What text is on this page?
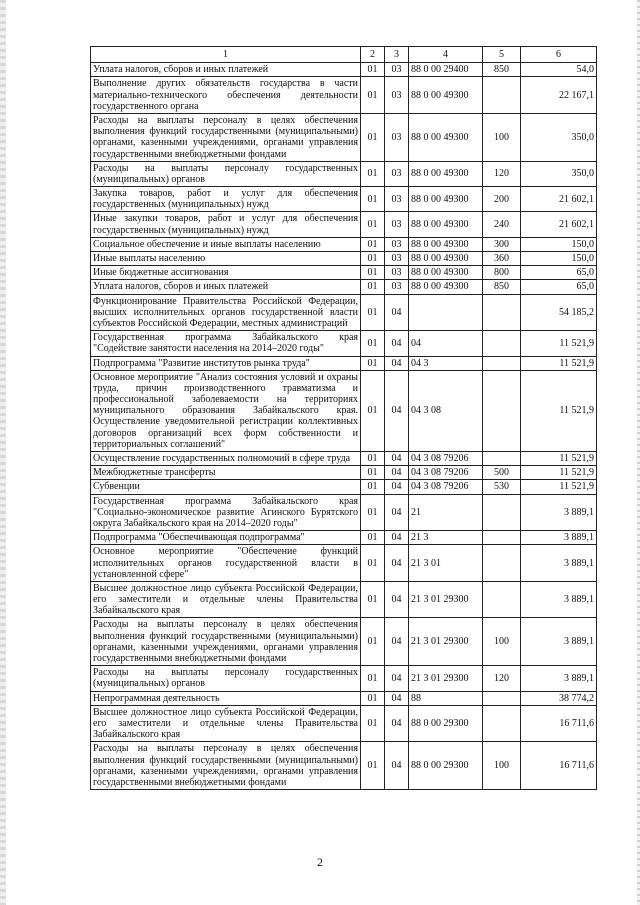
1	2	3	4	5	6
Уплата налогов, сборов и иных платежей	01	03	88 0 00 29400	850	54,0
Выполнение других обязательств государства в части материально-технического обеспечения деятельности государственного органа	01	03	88 0 00 49300		22 167,1
Расходы на выплаты персоналу в целях обеспечения выполнения функций государственными (муниципальными) органами, казенными учреждениями, органами управления государственными внебюджетными фондами	01	03	88 0 00 49300	100	350,0
Расходы на выплаты персоналу государственных (муниципальных) органов	01	03	88 0 00 49300	120	350,0
Закупка товаров, работ и услуг для обеспечения государственных (муниципальных) нужд	01	03	88 0 00 49300	200	21 602,1
Иные закупки товаров, работ и услуг для обеспечения государственных (муниципальных) нужд	01	03	88 0 00 49300	240	21 602,1
Социальное обеспечение и иные выплаты населению	01	03	88 0 00 49300	300	150,0
Иные выплаты населению	01	03	88 0 00 49300	360	150,0
Иные бюджетные ассигнования	01	03	88 0 00 49300	800	65,0
Уплата налогов, сборов и иных платежей	01	03	88 0 00 49300	850	65,0
Функционирование Правительства Российской Федерации, высших исполнительных органов государственной власти субъектов Российской Федерации, местных администраций	01	04			54 185,2
Государственная программа Забайкальского края "Содействие занятости населения на 2014–2020 годы"	01	04	04		11 521,9
Подпрограмма "Развитие институтов рынка труда"	01	04	04 3		11 521,9
Основное мероприятие "Анализ состояния условий и охраны труда, причин производственного травматизма и профессиональной заболеваемости на территориях муниципального образования Забайкальского края. Осуществление уведомительной регистрации коллективных договоров организаций всех форм собственности и территориальных соглашений"	01	04	04 3 08		11 521,9
Осуществление государственных полномочий в сфере труда	01	04	04 3 08 79206		11 521,9
Межбюджетные трансферты	01	04	04 3 08 79206	500	11 521,9
Субвенции	01	04	04 3 08 79206	530	11 521,9
Государственная программа Забайкальского края "Социально-экономическое развитие Агинского Бурятского округа Забайкальского края на 2014–2020 годы"	01	04	21		3 889,1
Подпрограмма "Обеспечивающая подпрограмма"	01	04	21 3		3 889,1
Основное мероприятие "Обеспечение функций исполнительных органов государственной власти в установленной сфере"	01	04	21 3 01		3 889,1
Высшее должностное лицо субъекта Российской Федерации, его заместители и отдельные члены Правительства Забайкальского края	01	04	21 3 01 29300		3 889,1
Расходы на выплаты персоналу в целях обеспечения выполнения функций государственными (муниципальными) органами, казенными учреждениями, органами управления государственными внебюджетными фондами	01	04	21 3 01 29300	100	3 889,1
Расходы на выплаты персоналу государственных (муниципальных) органов	01	04	21 3 01 29300	120	3 889,1
Непрограммная деятельность	01	04	88		38 774,2
Высшее должностное лицо субъекта Российской Федерации, его заместители и отдельные члены Правительства Забайкальского края	01	04	88 0 00 29300		16 711,6
Расходы на выплаты персоналу в целях обеспечения выполнения функций государственными (муниципальными) органами, казенными учреждениями, органами управления государственными внебюджетными фондами	01	04	88 0 00 29300	100	16 711,6
2
